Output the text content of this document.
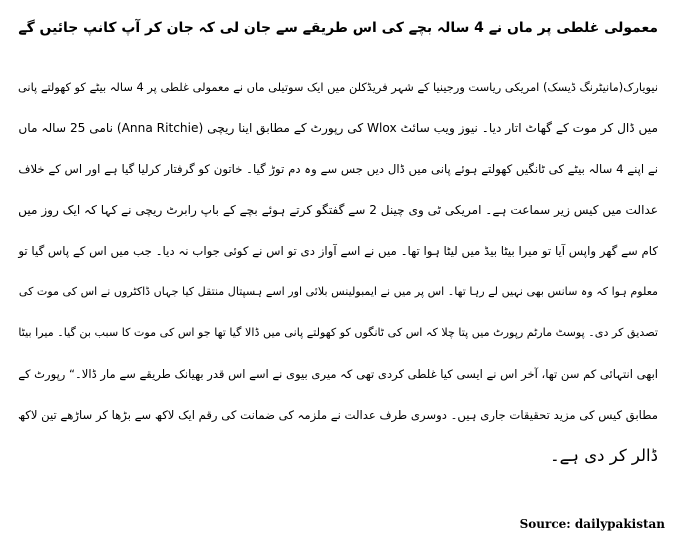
معمولی غلطی پر ماں نے 4 سالہ بچے کی اس طریقے سے جان لی کہ جان کر آپ کانپ جائیں گے
نیویارک(مانیٹرنگ ڈیسک) امریکی ریاست ورجینیا کے شہر فریڈکلن میں ایک سوتیلی ماں نے معمولی غلطی پر 4 سالہ بیٹے کو کھولتے پانی
میں ڈال کر موت کے گھاٹ اتار دیا۔ نیوز ویب سائٹ Wlox کی رپورٹ کے مطابق اینا ریچی (Anna Ritchie) نامی 25 سالہ ماں
نے اپنے 4 سالہ بیٹے کی ٹانگیں کھولتے ہوئے پانی میں ڈال دیں جس سے وہ دم توڑ گیا۔ خاتون کو گرفتار کرلیا گیا ہے اور اس کے خلاف
عدالت میں کیس زیر سماعت ہے۔ امریکی ٹی وی چینل 2 سے گفتگو کرتے ہوئے بچے کے باپ رابرٹ ریچی نے کہا کہ ایک روز میں
کام سے گھر واپس آیا تو میرا بیٹا بیڈ میں لیٹا ہوا تھا۔ میں نے اسے آواز دی تو اس نے کوئی جواب نہ دیا۔ جب میں اس کے پاس گیا تو
معلوم ہوا کہ وہ سانس بھی نہیں لے رہا تھا۔ اس پر میں نے ایمبولینس بلائی اور اسے ہسپتال منتقل کیا جہاں ڈاکٹروں نے اس کی موت کی
تصدیق کر دی۔ پوسٹ مارٹم رپورٹ میں پتا چلا کہ اس کی ٹانگوں کو کھولتے پانی میں ڈالا گیا تھا جو اس کی موت کا سبب بن گیا۔ میرا بیٹا
ابھی انتہائی کم سن تھا، آخر اس نے ایسی کیا غلطی کردی تھی کہ میری بیوی نے اسے اس قدر بھیانک طریقے سے مار ڈالا۔“ رپورٹ کے
مطابق کیس کی مزید تحقیقات جاری ہیں۔ دوسری طرف عدالت نے ملزمہ کی ضمانت کی رقم ایک لاکھ سے بڑھا کر ساڑھے تین لاکھ
ڈالر کر دی ہے۔
Source: dailypakistan
